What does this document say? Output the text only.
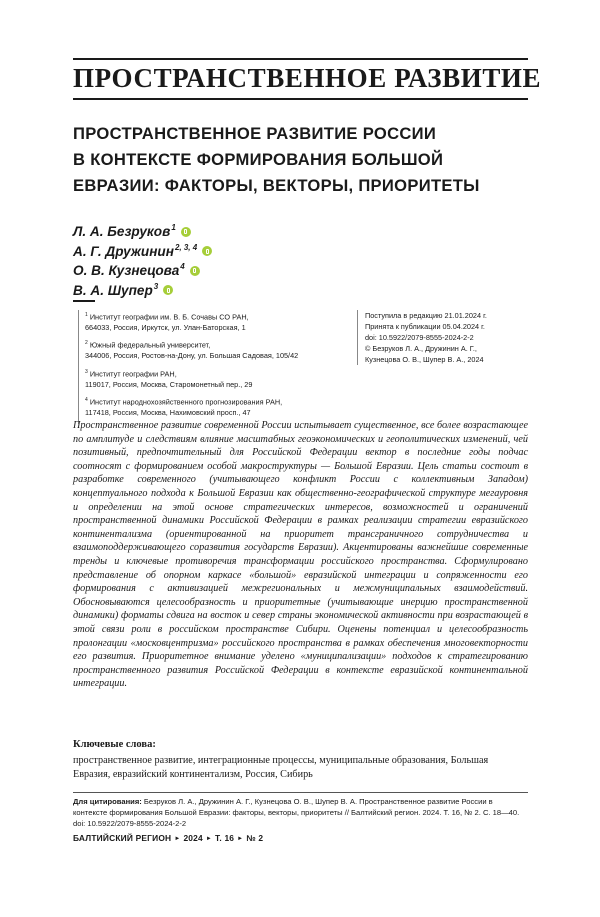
ПРОСТРАНСТВЕННОЕ РАЗВИТИЕ
ПРОСТРАНСТВЕННОЕ РАЗВИТИЕ РОССИИ
В КОНТЕКСТЕ ФОРМИРОВАНИЯ БОЛЬШОЙ
ЕВРАЗИИ: ФАКТОРЫ, ВЕКТОРЫ, ПРИОРИТЕТЫ
Л. А. Безруков$^1$
А. Г. Дружинин$^{2, 3, 4}$
О. В. Кузнецова$^4$
В. А. Шупер$^3$
$^1$ Институт географии им. В. Б. Сочавы СО РАН,
664033, Россия, Иркутск, ул. Улан-Баторская, 1
$^2$ Южный федеральный университет,
344006, Россия, Ростов-на-Дону, ул. Большая Садовая, 105/42
$^3$ Институт географии РАН,
119017, Россия, Москва, Старомонетный пер., 29
$^4$ Институт народнохозяйственного прогнозирования РАН,
117418, Россия, Москва, Нахимовский просп., 47
Поступила в редакцию 21.01.2024 г.
Принята к публикации 05.04.2024 г.
doi: 10.5922/2079-8555-2024-2-2
© Безруков Л. А., Дружинин А. Г.,
Кузнецова О. В., Шупер В. А., 2024
Пространственное развитие современной России испытывает существенное, все более возрастающее по амплитуде и следствиям влияние масштабных геоэкономических и геополитических изменений, чей позитивный, предпочтительный для Российской Федерации вектор в последние годы подчас соотносят с формированием особой макроструктуры — Большой Евразии. Цель статьи состоит в разработке современного (учитывающего конфликт России с коллективным Западом) концептуального подхода к Большой Евразии как общественно-географической структуре мегауровня и определении на этой основе стратегических интересов, возможностей и ограничений пространственной динамики Российской Федерации в рамках реализации стратегии евразийского континентализма (ориентированной на приоритет трансграничного сотрудничества и взаимоподдерживающего соразвития государств Евразии). Акцентированы важнейшие современные тренды и ключевые противоречия трансформации российского пространства. Сформулировано представление об опорном каркасе «большой» евразийской интеграции и сопряженности его формирования с активизацией межрегиональных и межмуниципальных взаимодействий. Обосновываются целесообразность и приоритетные (учитывающие инерцию пространственной динамики) форматы сдвига на восток и север страны экономической активности при возрастающей в этой связи роли в российском пространстве Сибири. Оценены потенциал и целесообразность пролонгации «московцентризма» российского пространства в рамках обеспечения многовекторности его развития. Приоритетное внимание уделено «муниципализации» подходов к стратегированию пространственного развития Российской Федерации в контексте евразийской континентальной интеграции.
Ключевые слова:
пространственное развитие, интеграционные процессы, муниципальные образования, Большая Евразия, евразийский континентализм, Россия, Сибирь
Для цитирования: Безруков Л. А., Дружинин А. Г., Кузнецова О. В., Шупер В. А. Пространственное развитие России в контексте формирования Большой Евразии: факторы, векторы, приоритеты // Балтийский регион. 2024. Т. 16, № 2. С. 18—40. doi: 10.5922/2079-8555-2024-2-2
БАЛТИЙСКИЙ РЕГИОН ► 2024 ► Т. 16 ► № 2
